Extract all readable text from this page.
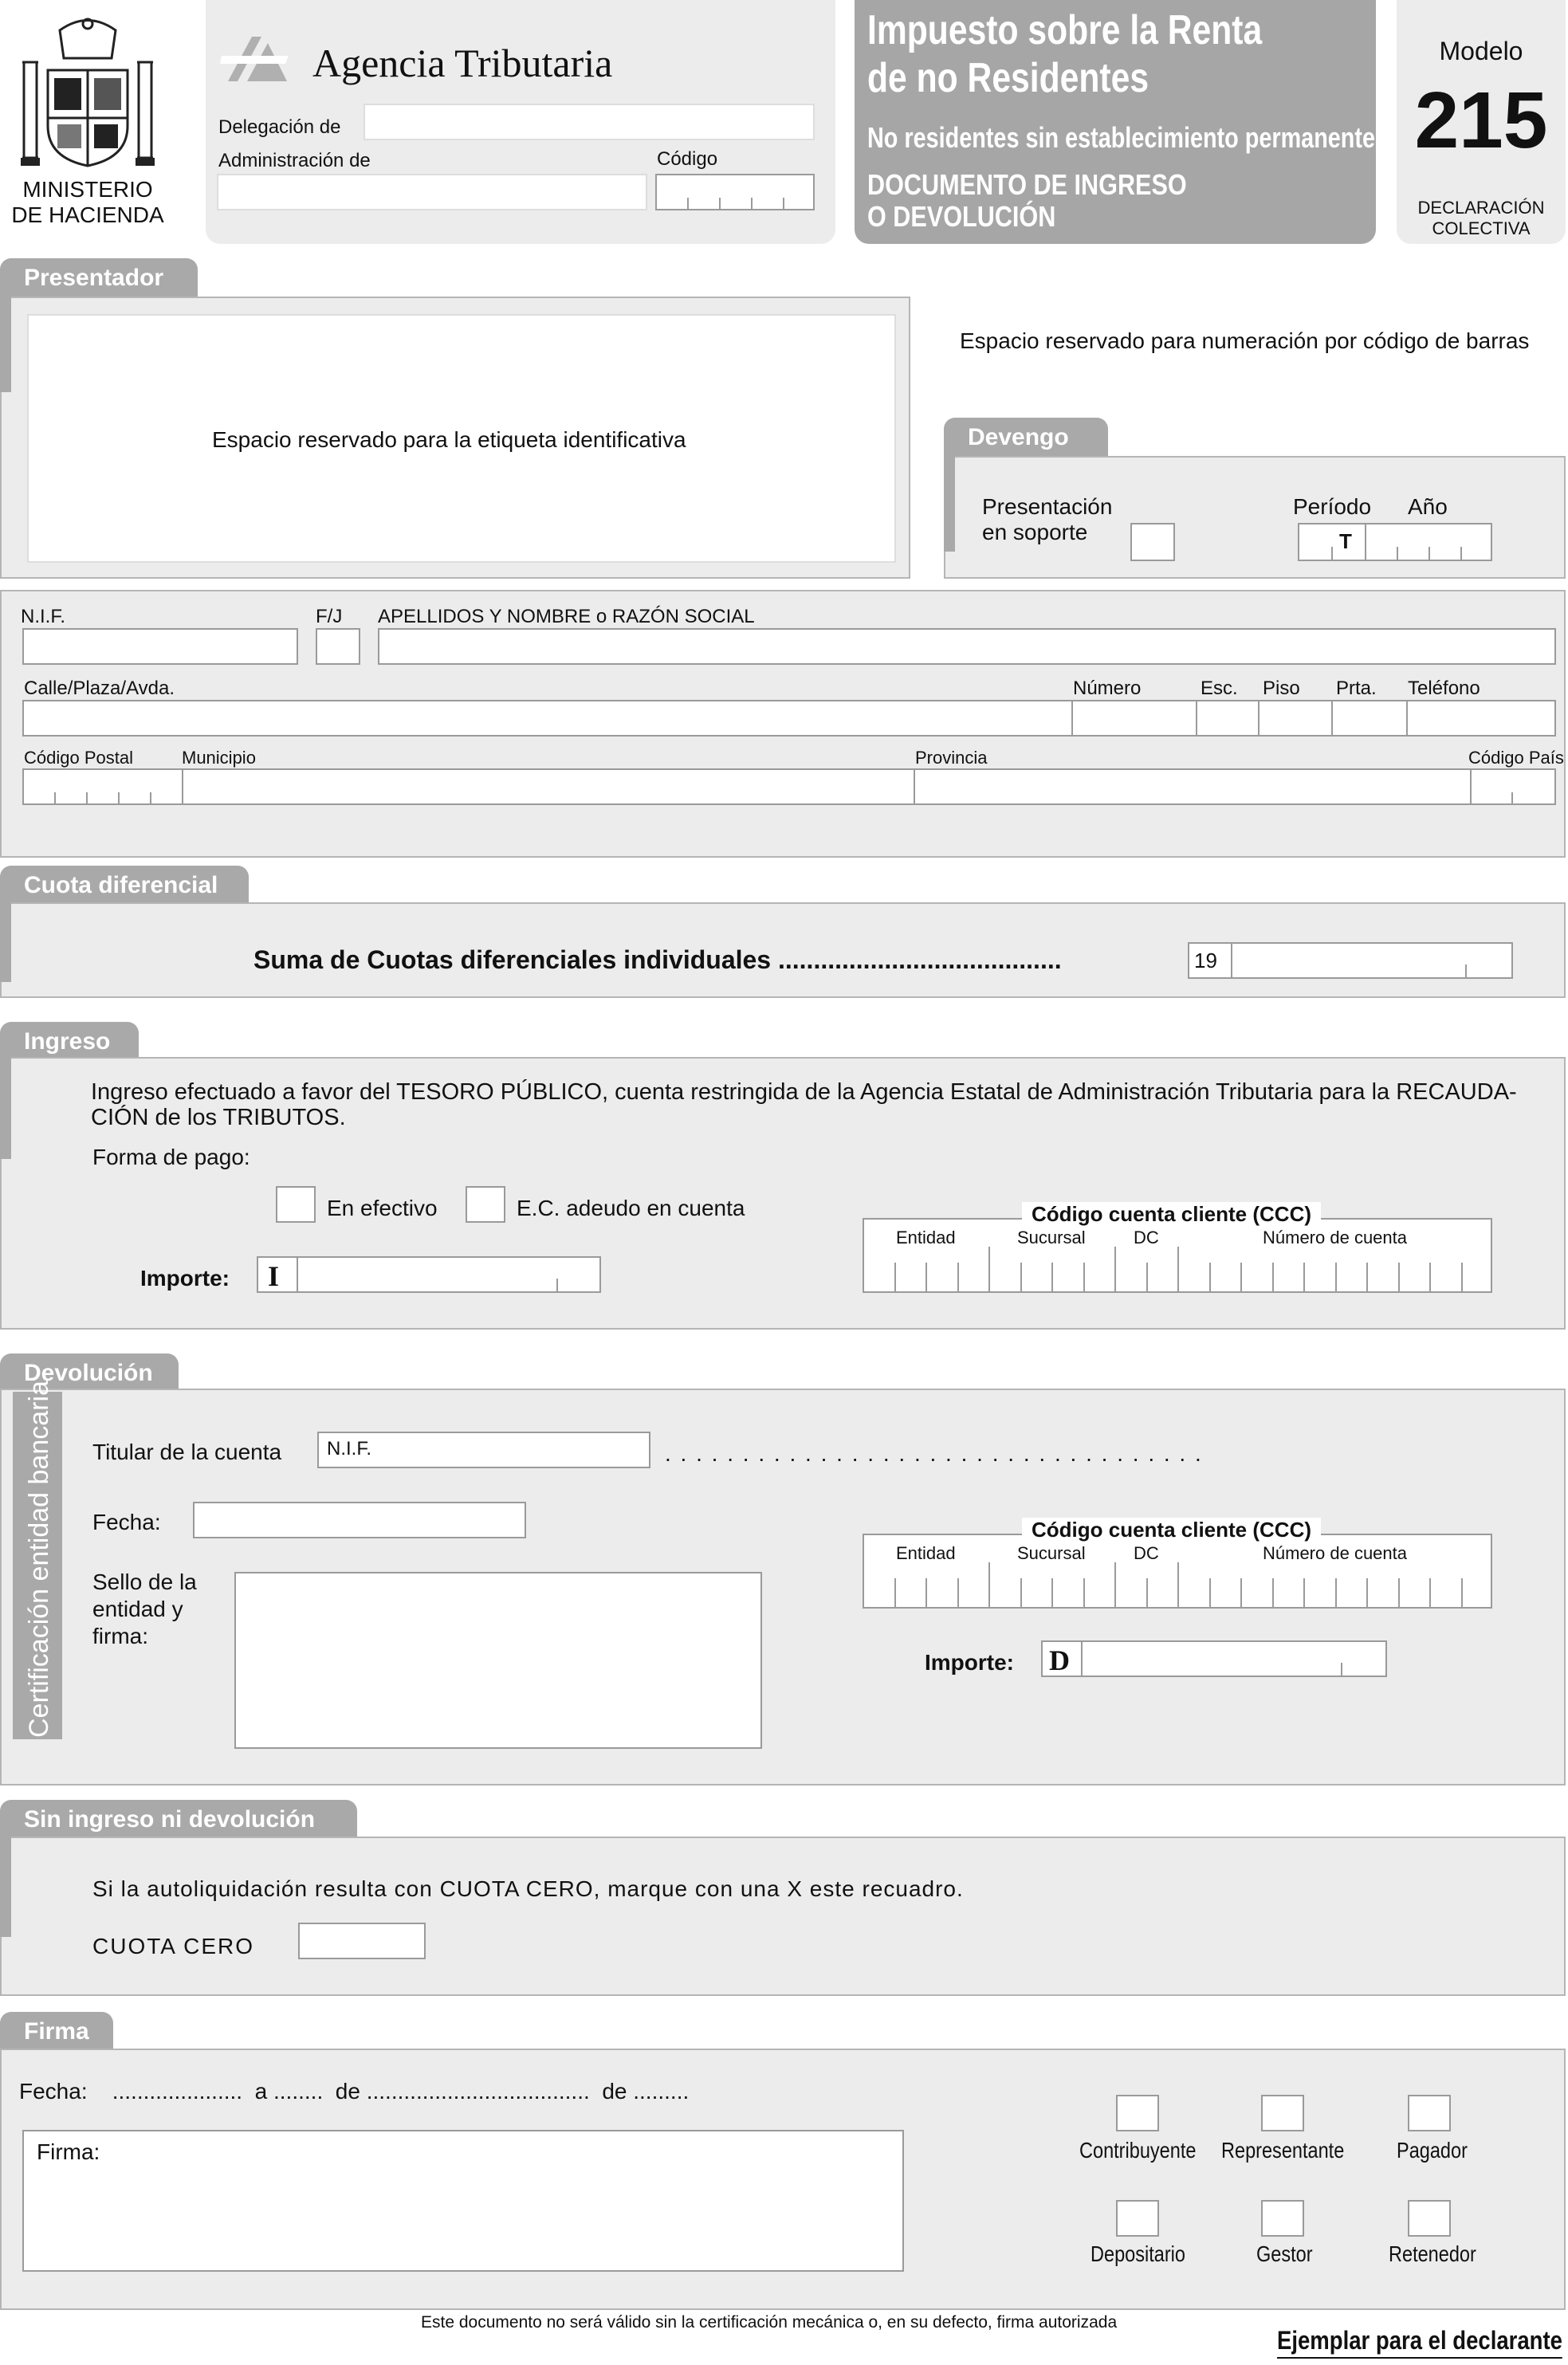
MINISTERIO
DE HACIENDA
Agencia Tributaria
Delegación de
Administración de	Código
Impuesto sobre la Renta
de no Residentes
No residentes sin establecimiento permanente
DOCUMENTO DE INGRESO
O DEVOLUCIÓN
Modelo
215
DECLARACIÓN
COLECTIVA
Presentador
Espacio reservado para la etiqueta identificativa
Espacio reservado para numeración por código de barras
Devengo
Presentación
en soporte
Período Año
T
N.I.F.	F/J APELLIDOS Y NOMBRE o RAZÓN SOCIAL
Calle/Plaza/Avda.	Número	Esc. Piso Prta. Teléfono
Código Postal	Municipio	Provincia	Código País
Cuota diferencial
Suma de Cuotas diferenciales individuales ........................................	19
Ingreso
Ingreso efectuado a favor del TESORO PÚBLICO, cuenta restringida de la Agencia Estatal de Administración Tributaria para la RECAUDA-
CIÓN de los TRIBUTOS.
Forma de pago:
En efectivo	E.C. adeudo en cuenta
Importe: I
Código cuenta cliente (CCC)
Entidad	Sucursal	DC	Número de cuenta
Devolución
Certificación entidad bancaria Titular de la cuenta N.I.F.	. . . . . . . . . . . . . . . . . . . . . . . . . . . . . . . . . . .
Fecha:
Sello de la
entidad y
firma:
Código cuenta cliente (CCC)
Entidad	Sucursal	DC	Número de cuenta
Importe: D
Sin ingreso ni devolución
Si la autoliquidación resulta con CUOTA CERO, marque con una X este recuadro.
CUOTA CERO
Firma
Fecha:    .....................  a ........  de ....................................  de .........
Firma:	Contribuyente Representante Pagador
Depositario	Gestor	Retenedor
Este documento no será válido sin la certificación mecánica o, en su defecto, firma autorizada
Ejemplar para el declarante
